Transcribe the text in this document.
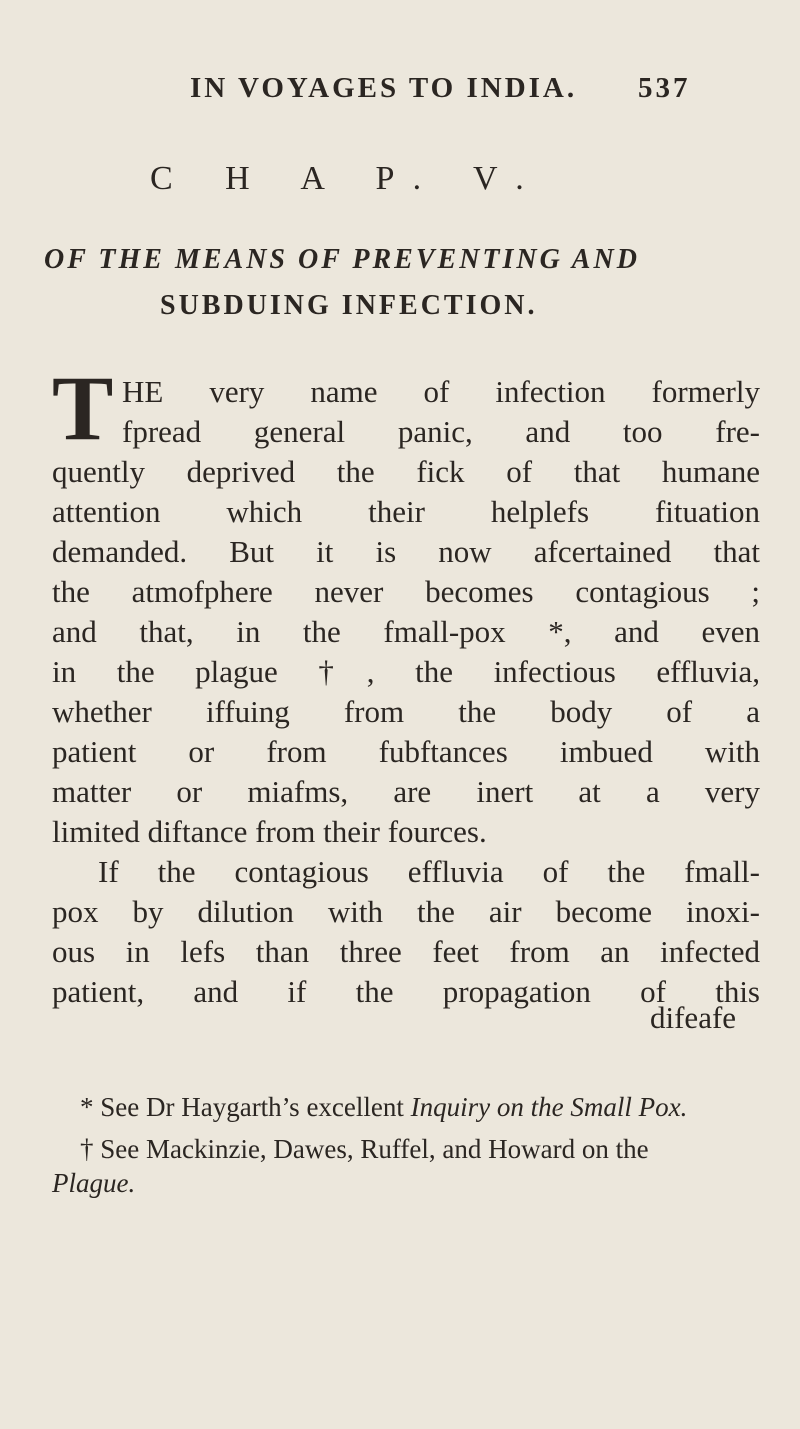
IN VOYAGES TO INDIA. 537
C H A P. V.
OF THE MEANS OF PREVENTING AND
SUBDUING INFECTION.
T HE very name of infection formerly
fpread general panic, and too fre-
quently deprived the fick of that humane
attention which their helplefs fituation
demanded. But it is now afcertained that
the atmofphere never becomes contagious ;
and that, in the fmall-pox *, and even
in the plague †, the infectious effluvia,
whether iffuing from the body of a
patient or from fubftances imbued with
matter or miafms, are inert at a very
limited diftance from their fources.
If the contagious effluvia of the fmall-
pox by dilution with the air become inoxi-
ous in lefs than three feet from an infected
patient, and if the propagation of this
difeafe
* See Dr Haygarth’s excellent Inquiry on the Small Pox.
† See Mackinzie, Dawes, Ruffel, and Howard on the
Plague.
